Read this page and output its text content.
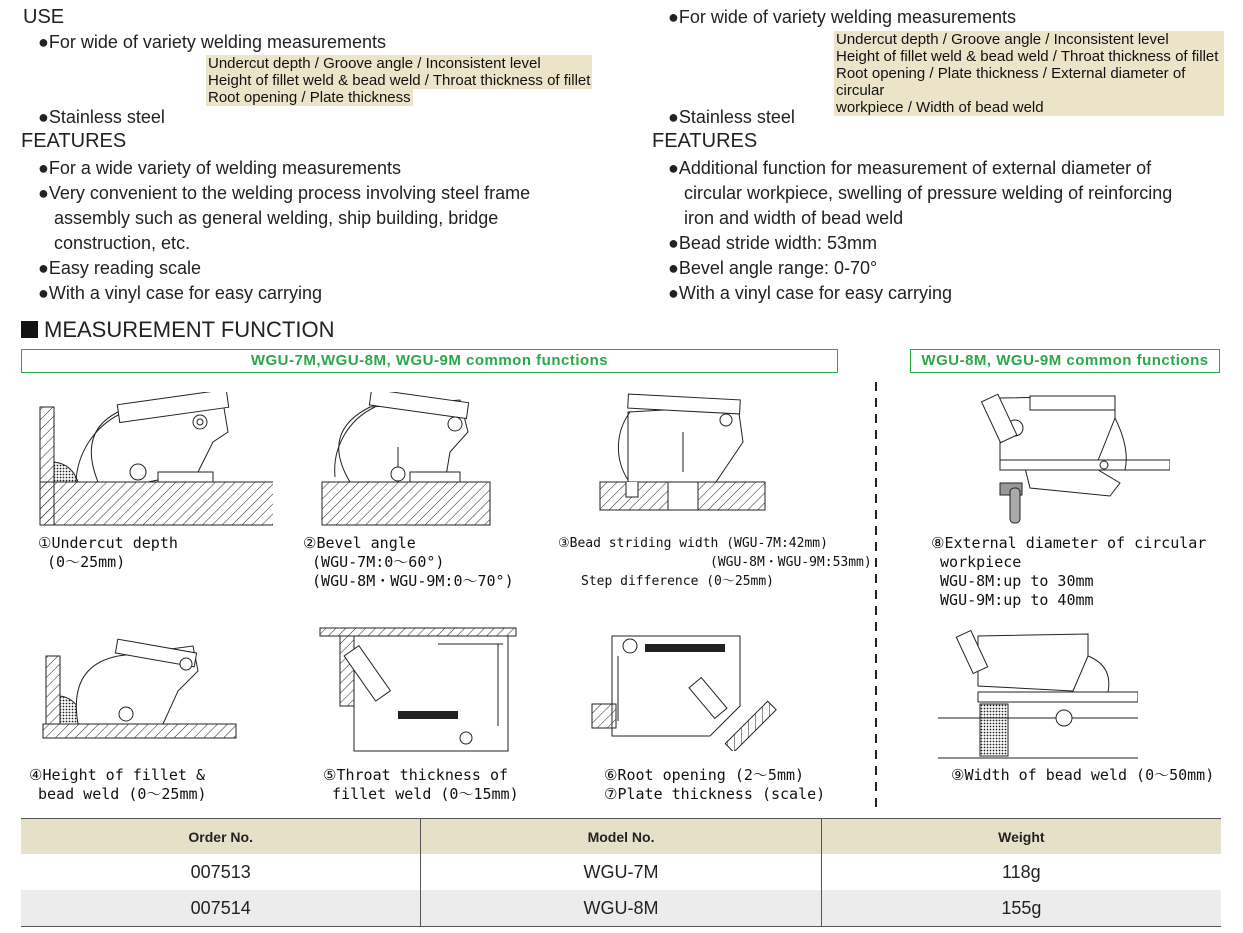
USE
●For wide of variety welding measurements
Undercut depth / Groove angle / Inconsistent level
Height of fillet weld & bead weld / Throat thickness of fillet
Root opening / Plate thickness
●Stainless steel
FEATURES
●For a wide variety of welding measurements
●Very convenient to the welding process involving steel frame
assembly such as general welding, ship building, bridge
construction, etc.
●Easy reading scale
●With a vinyl case for easy carrying
●For wide of variety welding measurements
Undercut depth / Groove angle / Inconsistent level
Height of fillet weld & bead weld / Throat thickness of fillet
Root opening / Plate thickness / External diameter of circular
workpiece / Width of bead weld
●Stainless steel
FEATURES
●Additional function for measurement of external diameter of
circular workpiece, swelling of pressure welding of reinforcing
iron and width of bead weld
●Bead stride width: 53mm
●Bevel angle range: 0-70°
●With a vinyl case for easy carrying
MEASUREMENT FUNCTION
WGU-7M,WGU-8M, WGU-9M common functions	WGU-8M, WGU-9M common functions
①Undercut depth
(0～25mm)
②Bevel angle
(WGU-7M:0～60°)
(WGU-8M・WGU-9M:0～70°)
③Bead striding width (WGU-7M:42mm)
(WGU-8M・WGU-9M:53mm)
Step difference (0～25mm)
⑧External diameter of circular
workpiece
WGU-8M:up to 30mm
WGU-9M:up to 40mm
④Height of fillet &
bead weld (0～25mm)
⑤Throat thickness of
fillet weld (0～15mm)
⑥Root opening (2～5mm)
⑦Plate thickness (scale)
⑨Width of bead weld (0～50mm)
Order No.	Model No.	Weight
007513	WGU-7M	118g
007514	WGU-8M	155g
